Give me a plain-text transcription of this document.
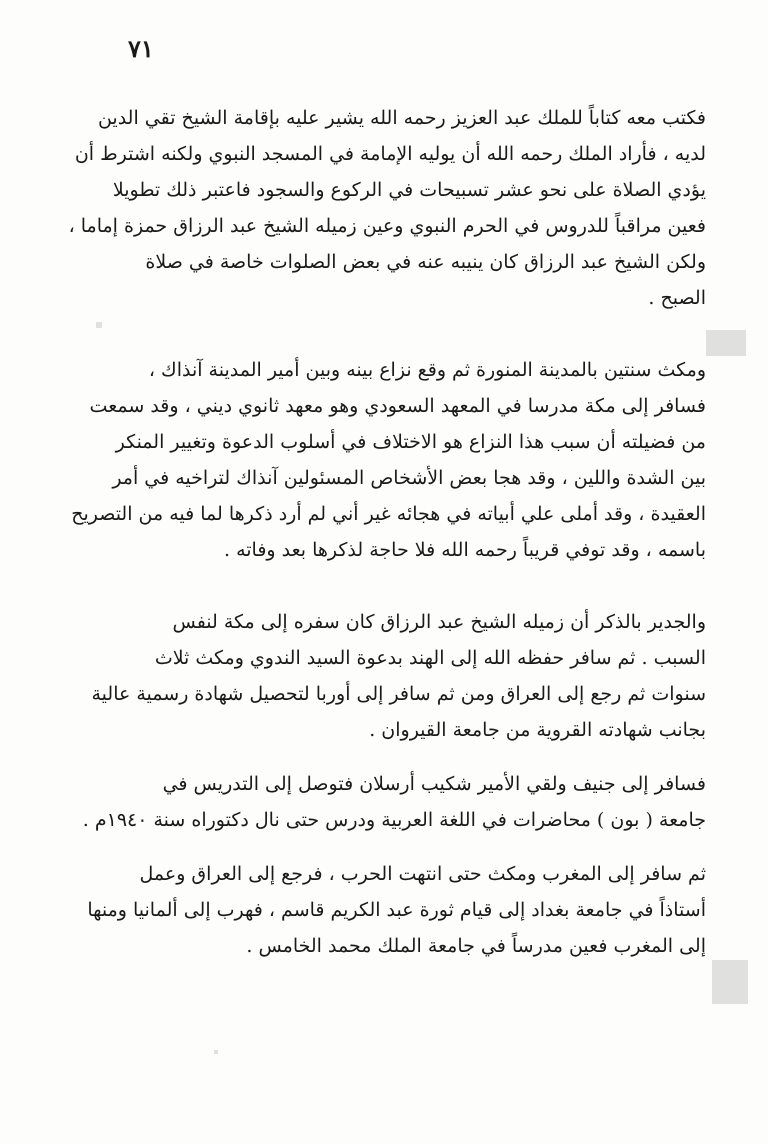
٧١
فكتب معه كتاباً للملك عبد العزيز رحمه الله يشير عليه بإقامة الشيخ تقي الدين
لديه ، فأراد الملك رحمه الله أن يوليه الإمامة في المسجد النبوي ولكنه اشترط أن
يؤدي الصلاة على نحو عشر تسبيحات في الركوع والسجود فاعتبر ذلك تطويلا
فعين مراقباً للدروس في الحرم النبوي وعين زميله الشيخ عبد الرزاق حمزة إماما ،
ولكن الشيخ عبد الرزاق كان ينيبه عنه في بعض الصلوات خاصة في صلاة
الصبح .
ومكث سنتين بالمدينة المنورة ثم وقع نزاع بينه وبين أمير المدينة آنذاك ،
فسافر إلى مكة مدرسا في المعهد السعودي وهو معهد ثانوي ديني ، وقد سمعت
من فضيلته أن سبب هذا النزاع هو الاختلاف في أسلوب الدعوة وتغيير المنكر
بين الشدة واللين ، وقد هجا بعض الأشخاص المسئولين آنذاك لتراخيه في أمر
العقيدة ، وقد أملى علي أبياته في هجائه غير أني لم أرد ذكرها لما فيه من التصريح
باسمه ، وقد توفي قريباً رحمه الله فلا حاجة لذكرها بعد وفاته .
والجدير بالذكر أن زميله الشيخ عبد الرزاق كان سفره إلى مكة لنفس
السبب . ثم سافر حفظه الله إلى الهند بدعوة السيد الندوي ومكث ثلاث
سنوات ثم رجع إلى العراق ومن ثم سافر إلى أوربا لتحصيل شهادة رسمية عالية
بجانب شهادته القروية من جامعة القيروان .
فسافر إلى جنيف ولقي الأمير شكيب أرسلان فتوصل إلى التدريس في
جامعة ( بون ) محاضرات في اللغة العربية ودرس حتى نال دكتوراه سنة ١٩٤٠م .
ثم سافر إلى المغرب ومكث حتى انتهت الحرب ، فرجع إلى العراق وعمل
أستاذاً في جامعة بغداد إلى قيام ثورة عبد الكريم قاسم ، فهرب إلى ألمانيا ومنها
إلى المغرب فعين مدرساً في جامعة الملك محمد الخامس .
